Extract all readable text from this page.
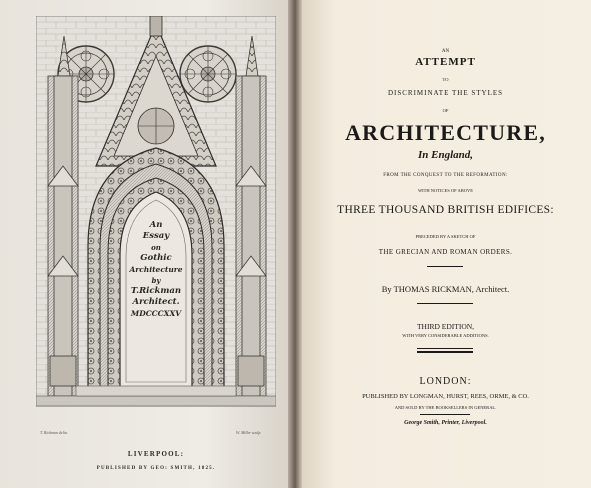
An
Essay
on
Gothic
Architecture
by
T.Rickman
Architect.
MDCCCXXV
T. Rickman delin.	W. Miller sculp.
LIVERPOOL:
PUBLISHED BY GEO: SMITH, 1825.
AN
ATTEMPT
TO
DISCRIMINATE THE STYLES
OF
ARCHITECTURE,
In England,
FROM THE CONQUEST TO THE REFORMATION:
WITH NOTICES OF ABOVE
THREE THOUSAND BRITISH EDIFICES:
PRECEDED BY A SKETCH OF
THE GRECIAN AND ROMAN ORDERS.
By THOMAS RICKMAN, Architect.
THIRD EDITION,
WITH VERY CONSIDERABLE ADDITIONS.
LONDON:
PUBLISHED BY LONGMAN, HURST, REES, ORME, & CO.
AND SOLD BY THE BOOKSELLERS IN GENERAL.
George Smith, Printer, Liverpool.
